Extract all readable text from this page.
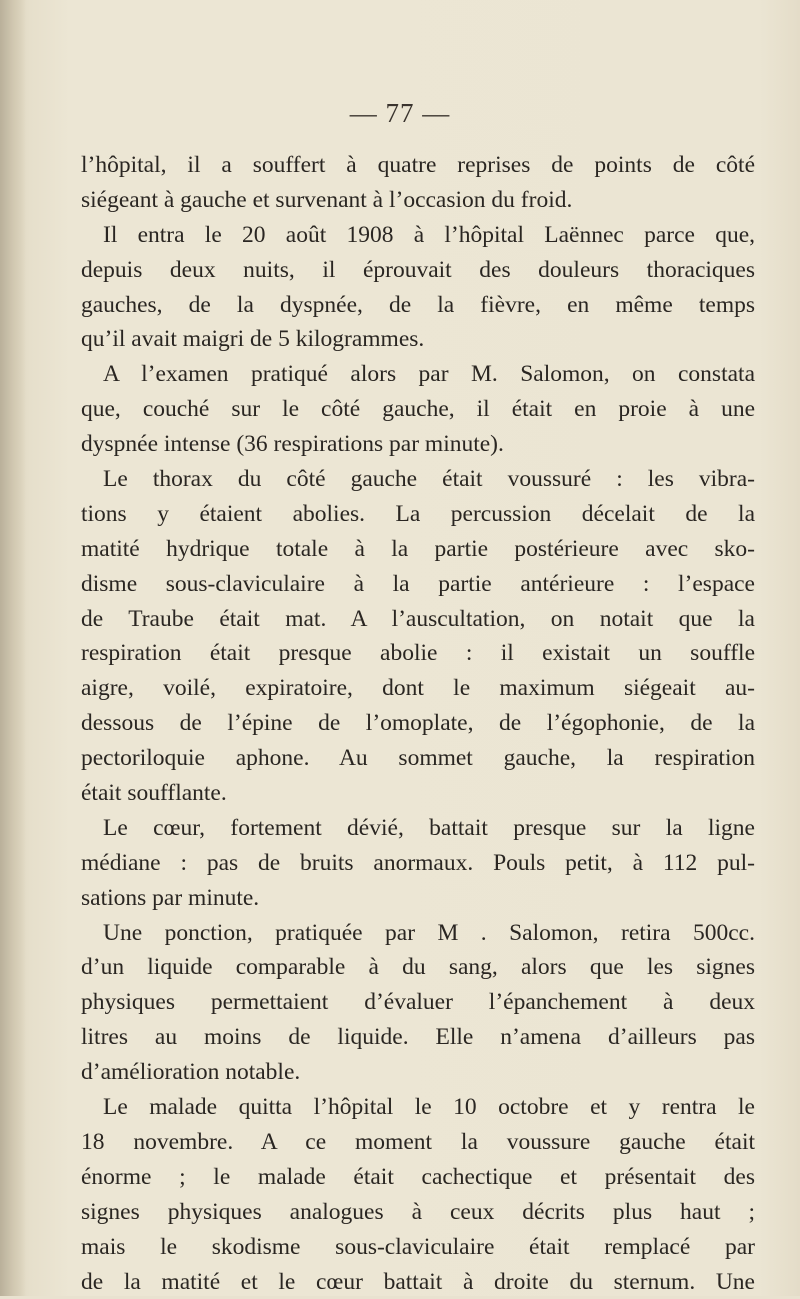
— 77 —
l’hôpital, il a souffert à quatre reprises de points de côté
siégeant à gauche et survenant à l’occasion du froid.
Il entra le 20 août 1908 à l’hôpital Laënnec parce que,
depuis deux nuits, il éprouvait des douleurs thoraciques
gauches, de la dyspnée, de la fièvre, en même temps
qu’il avait maigri de 5 kilogrammes.
A l’examen pratiqué alors par M. Salomon, on constata
que, couché sur le côté gauche, il était en proie à une
dyspnée intense (36 respirations par minute).
Le thorax du côté gauche était voussuré : les vibra-
tions y étaient abolies. La percussion décelait de la
matité hydrique totale à la partie postérieure avec sko-
disme sous-claviculaire à la partie antérieure : l’espace
de Traube était mat. A l’auscultation, on notait que la
respiration était presque abolie : il existait un souffle
aigre, voilé, expiratoire, dont le maximum siégeait au-
dessous de l’épine de l’omoplate, de l’égophonie, de la
pectoriloquie aphone. Au sommet gauche, la respiration
était soufflante.
Le cœur, fortement dévié, battait presque sur la ligne
médiane : pas de bruits anormaux. Pouls petit, à 112 pul-
sations par minute.
Une ponction, pratiquée par M . Salomon, retira 500cc.
d’un liquide comparable à du sang, alors que les signes
physiques permettaient d’évaluer l’épanchement à deux
litres au moins de liquide. Elle n’amena d’ailleurs pas
d’amélioration notable.
Le malade quitta l’hôpital le 10 octobre et y rentra le
18 novembre. A ce moment la voussure gauche était
énorme ; le malade était cachectique et présentait des
signes physiques analogues à ceux décrits plus haut ;
mais le skodisme sous-claviculaire était remplacé par
de la matité et le cœur battait à droite du sternum. Une
